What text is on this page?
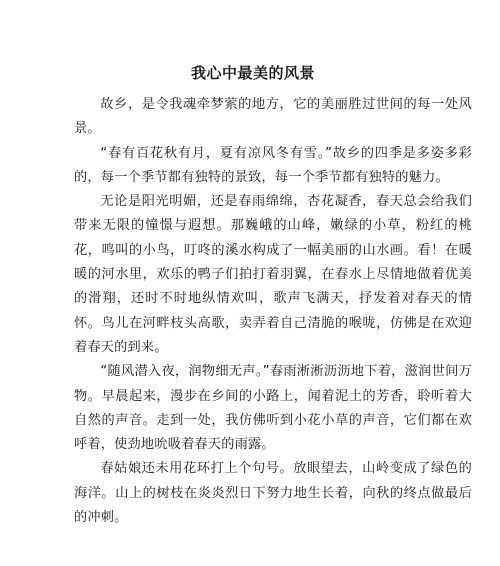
我心中最美的风景

故乡，是令我魂牵梦萦的地方，它的美丽胜过世间的每一处风景。

“春有百花秋有月，夏有凉风冬有雪。”故乡的四季是多姿多彩的，每一个季节都有独特的景致，每一个季节都有独特的魅力。

无论是阳光明媚，还是春雨绵绵，杏花凝香，春天总会给我们带来无限的憧憬与遐想。那巍峨的山峰，嫩绿的小草，粉红的桃花，鸣叫的小鸟，叮咚的溪水构成了一幅美丽的山水画。看！在暖暖的河水里，欢乐的鸭子们拍打着羽翼，在春水上尽情地做着优美的滑翔，还时不时地纵情欢叫，歌声飞满天，抒发着对春天的情怀。鸟儿在河畔枝头高歌，卖弄着自己清脆的喉咙，仿佛是在欢迎着春天的到来。

“随风潜入夜，润物细无声。”春雨淅淅沥沥地下着，滋润世间万物。早晨起来，漫步在乡间的小路上，闻着泥土的芳香，聆听着大自然的声音。走到一处，我仿佛听到小花小草的声音，它们都在欢呼着，使劲地吮吸着春天的雨露。

春姑娘还未用花环打上个句号。放眼望去，山岭变成了绿色的海洋。山上的树枝在炎炎烈日下努力地生长着，向秋的终点做最后的冲刺。
